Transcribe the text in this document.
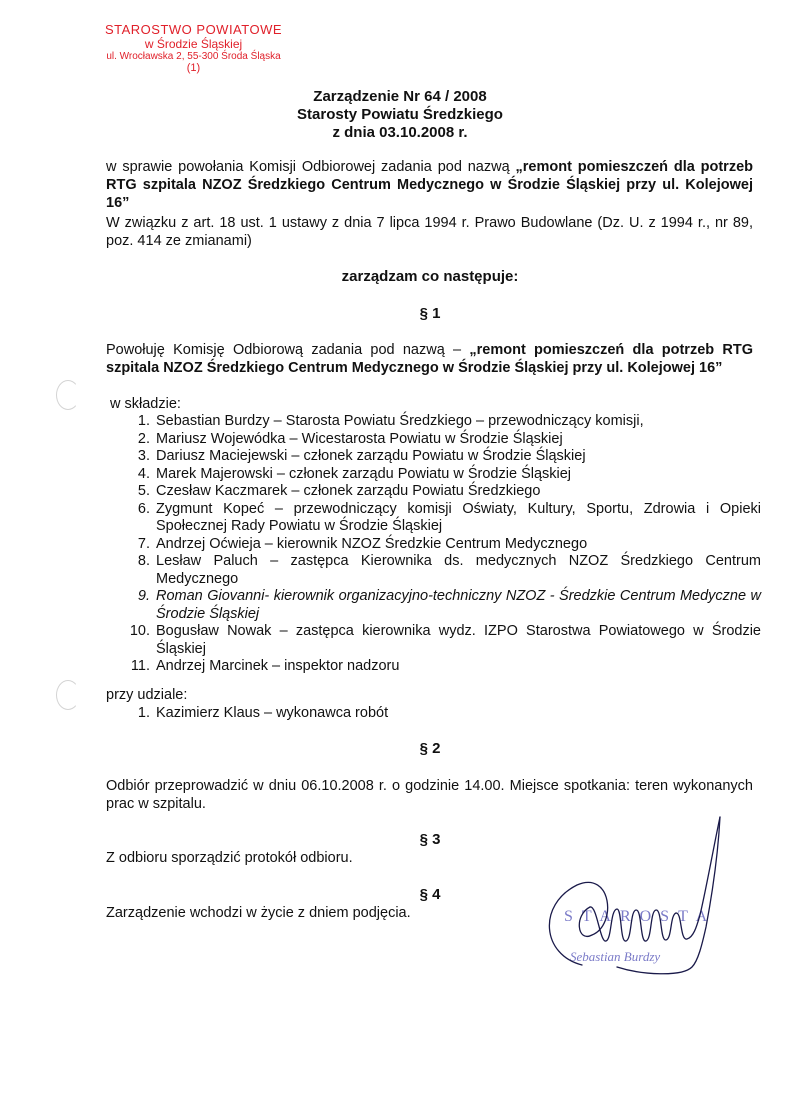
STAROSTWO POWIATOWE
w Środzie Śląskiej
ul. Wrocławska 2, 55-300 Środa Śląska
(1)
Zarządzenie Nr 64 / 2008
Starosty Powiatu Średzkiego
z dnia 03.10.2008 r.
w sprawie powołania Komisji Odbiorowej zadania pod nazwą „remont pomieszczeń dla potrzeb RTG szpitala NZOZ Średzkiego Centrum Medycznego w Środzie Śląskiej przy ul. Kolejowej 16”
W związku z art. 18 ust. 1 ustawy z dnia 7 lipca 1994 r. Prawo Budowlane (Dz. U. z 1994 r., nr 89, poz. 414 ze zmianami)
zarządzam co następuje:
§ 1
Powołuję Komisję Odbiorową zadania pod nazwą – „remont pomieszczeń dla potrzeb RTG szpitala NZOZ Średzkiego Centrum Medycznego w Środzie Śląskiej przy ul. Kolejowej 16”
w składzie:
1. Sebastian Burdzy – Starosta Powiatu Średzkiego – przewodniczący komisji,
2. Mariusz Wojewódka – Wicestarosta Powiatu w Środzie Śląskiej
3. Dariusz Maciejewski – członek zarządu Powiatu w Środzie Śląskiej
4. Marek Majerowski – członek zarządu Powiatu w Środzie Śląskiej
5. Czesław Kaczmarek – członek zarządu Powiatu Średzkiego
6. Zygmunt Kopeć – przewodniczący komisji Oświaty, Kultury, Sportu, Zdrowia i Opieki Społecznej Rady Powiatu w Środzie Śląskiej
7. Andrzej Oćwieja – kierownik NZOZ Średzkie Centrum Medycznego
8. Lesław Paluch – zastępca Kierownika ds. medycznych NZOZ Średzkiego Centrum Medycznego
9. Roman Giovanni- kierownik organizacyjno-techniczny NZOZ - Średzkie Centrum Medyczne w Środzie Śląskiej
10. Bogusław Nowak – zastępca kierownika wydz. IZPO Starostwa Powiatowego w Środzie Śląskiej
11. Andrzej Marcinek – inspektor nadzoru
przy udziale:
1. Kazimierz Klaus – wykonawca robót
§ 2
Odbiór przeprowadzić w dniu 06.10.2008 r. o godzinie 14.00. Miejsce spotkania: teren wykonanych prac w szpitalu.
§ 3
Z odbioru sporządzić protokół odbioru.
§ 4
Zarządzenie wchodzi w życie z dniem podjęcia.	STAROSTA
Sebastian Burdzy
